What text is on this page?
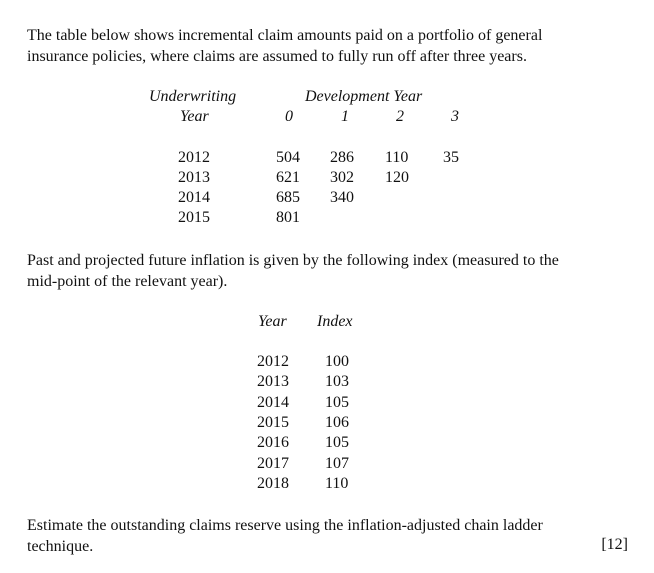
The table below shows incremental claim amounts paid on a portfolio of general
insurance policies, where claims are assumed to fully run off after three years.
Underwriting
Year
Development Year
0	1	2	3
2012	504 286 110 35
2013	621 302 120
2014	685 340
2015	801
Past and projected future inflation is given by the following index (measured to the
mid-point of the relevant year).
Year Index
2012 100
2013 103
2014 105
2015 106
2016 105
2017 107
2018 110
Estimate the outstanding claims reserve using the inflation-adjusted chain ladder
technique.	[12]
